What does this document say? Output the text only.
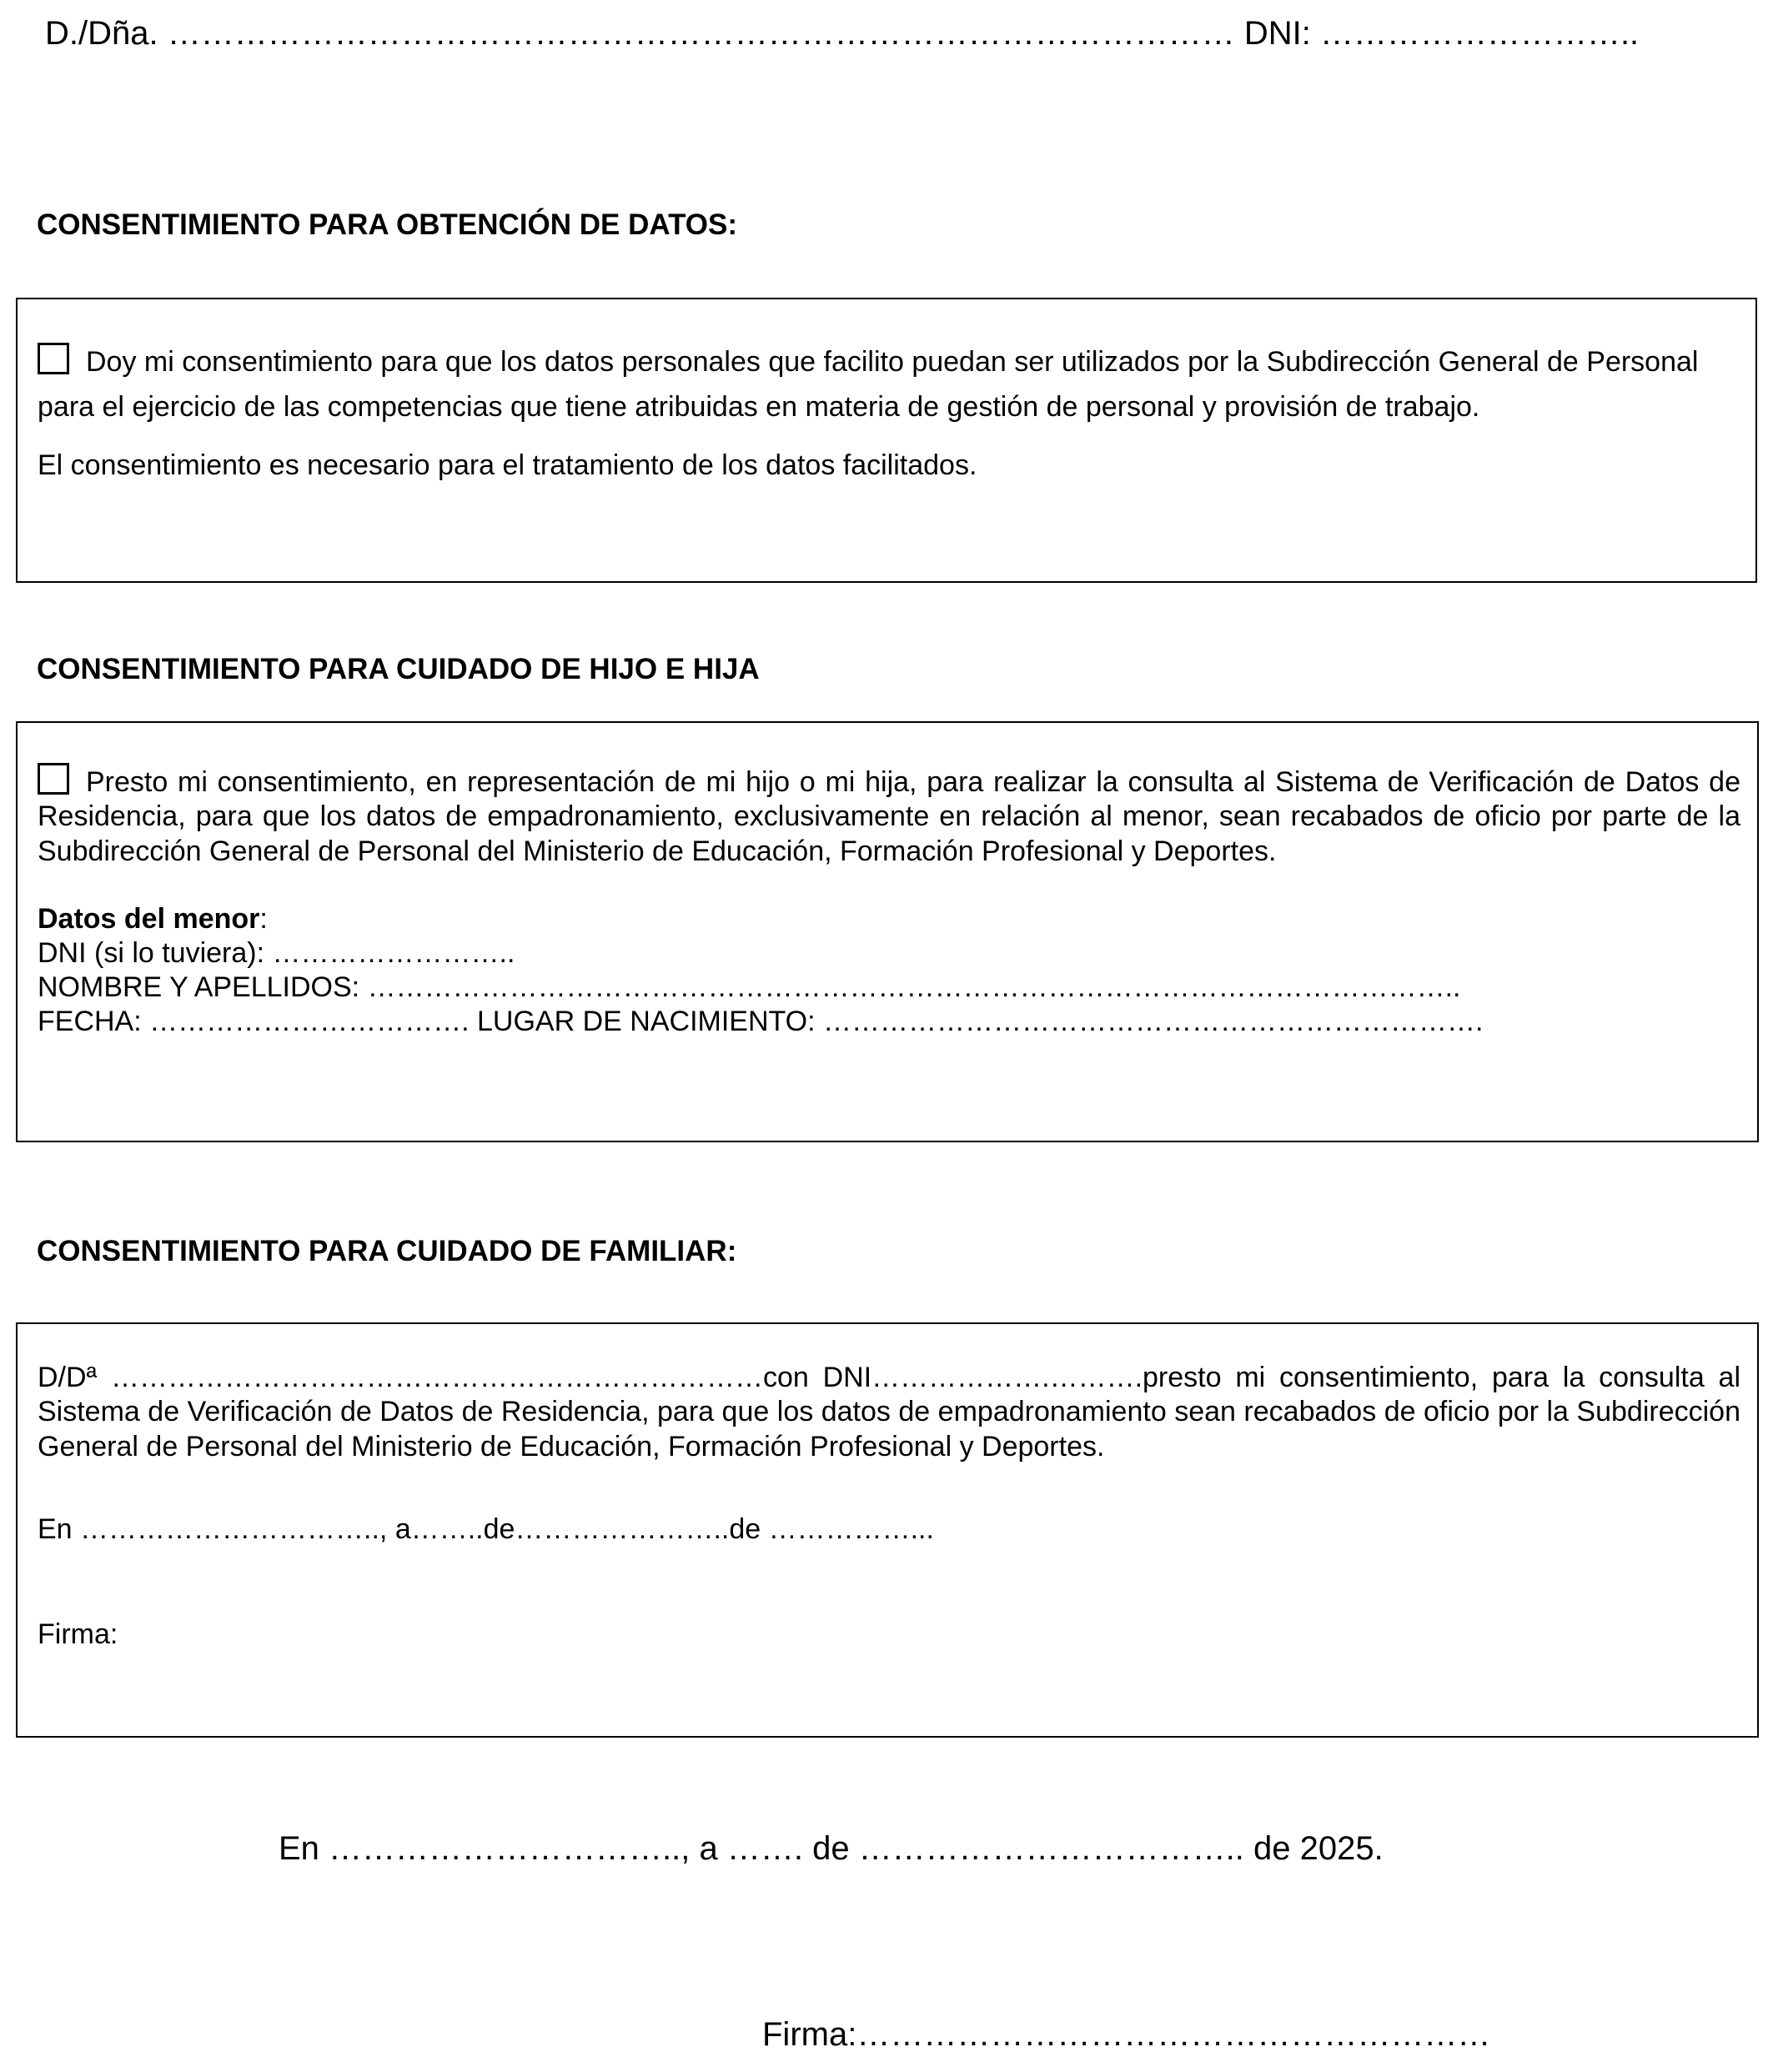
D./Dña. …………………………………………………………………………………… DNI: ………………………..

CONSENTIMIENTO PARA OBTENCIÓN DE DATOS:

Doy mi consentimiento para que los datos personales que facilito puedan ser utilizados por la Subdirección General de Personal para el ejercicio de las competencias que tiene atribuidas en materia de gestión de personal y provisión de trabajo.

El consentimiento es necesario para el tratamiento de los datos facilitados.

CONSENTIMIENTO PARA CUIDADO DE HIJO E HIJA

Presto mi consentimiento, en representación de mi hijo o mi hija, para realizar la consulta al Sistema de Verificación de Datos de Residencia, para que los datos de empadronamiento, exclusivamente en relación al menor, sean recabados de oficio por parte de la Subdirección General de Personal del Ministerio de Educación, Formación Profesional y Deportes.

Datos del menor:

DNI (si lo tuviera): ……………………..

NOMBRE Y APELLIDOS: ……………………………………………………………………………………………………..

FECHA: ……………………………. LUGAR DE NACIMIENTO: …………………………………………………………….

CONSENTIMIENTO PARA CUIDADO DE FAMILIAR:

D/Dª ……………………………………………………………con DNI……………….……….presto mi consentimiento, para la consulta al Sistema de Verificación de Datos de Residencia, para que los datos de empadronamiento sean recabados de oficio por la Subdirección General de Personal del Ministerio de Educación, Formación Profesional y Deportes.

En ………………………….., a……..de…………………..de ……………...

Firma:

En ………………………….., a ……. de …………………………….. de 2025.

Firma:…………………………………………………
